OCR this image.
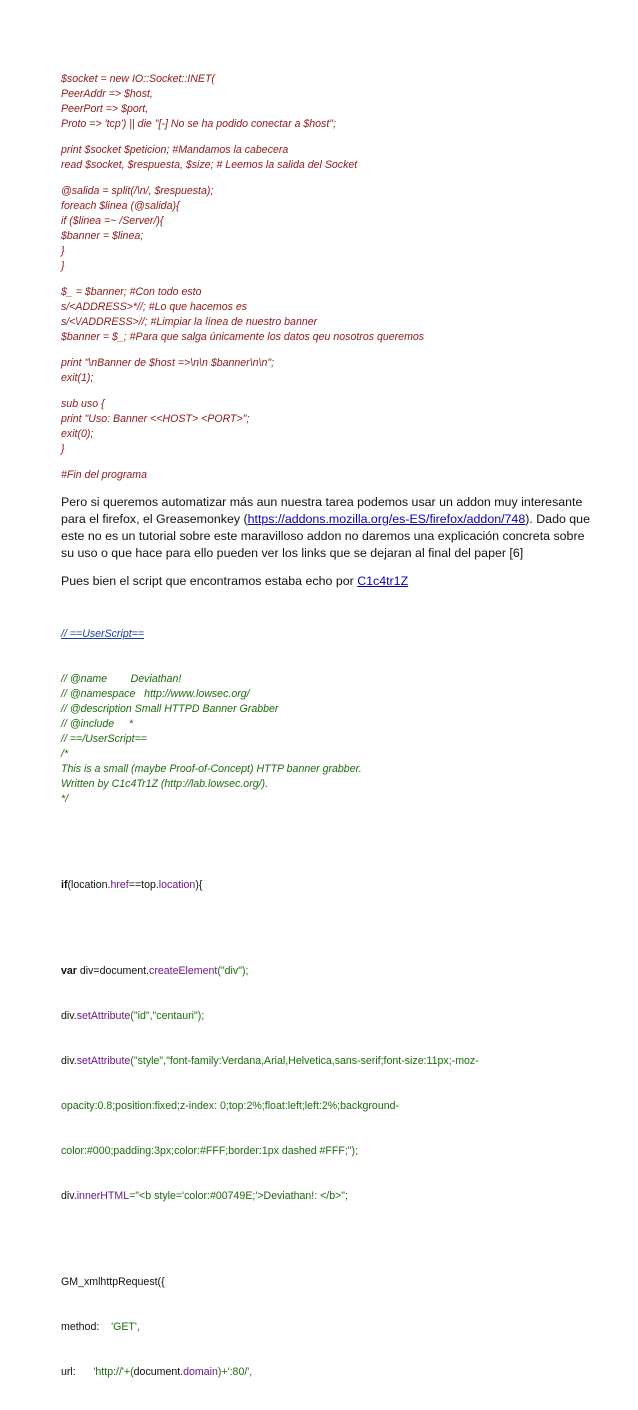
$socket = new IO::Socket::INET(
PeerAddr => $host,
PeerPort => $port,
Proto => 'tcp') || die "[-] No se ha podido conectar a $host";
print $socket $peticion; #Mandamos la cabecera
read $socket, $respuesta, $size; # Leemos la salida del Socket
@salida = split(/\n/, $respuesta);
foreach $linea (@salida){
if ($linea =~ /Server/){
$banner = $linea;
}
}
$_ = $banner; #Con todo esto
s/<ADDRESS>*//; #Lo que hacemos es
s/<\/ADDRESS>//; #Limpiar la línea de nuestro banner
$banner = $_; #Para que salga únicamente los datos qeu nosotros queremos
print "\nBanner de $host =>\n\n $banner\n\n";
exit(1);
sub uso {
print "Uso: Banner <<HOST> <PORT>";
exit(0);
}
#Fin del programa

Pero si queremos automatizar más aun nuestra tarea podemos usar un addon muy interesante para el firefox, el Greasemonkey (https://addons.mozilla.org/es-ES/firefox/addon/748). Dado que este no es un tutorial sobre este maravilloso addon no daremos una explicación concreta sobre su uso o que hace para ello pueden ver los links que se dejaran al final del paper [6]

Pues bien el script que encontramos estaba echo por C1c4tr1Z

// ==UserScript==

// @name        Deviathan!
// @namespace   http://www.lowsec.org/
// @description Small HTTPD Banner Grabber
// @include     *
// ==/UserScript==
/*
This is a small (maybe Proof-of-Concept) HTTP banner grabber.
Written by C1c4Tr1Z (http://lab.lowsec.org/).
*/

if(location.href==top.location){

var div=document.createElement("div");

div.setAttribute("id","centauri");

div.setAttribute("style","font-family:Verdana,Arial,Helvetica,sans-serif;font-size:11px;-moz-

opacity:0.8;position:fixed;z-index: 0;top:2%;float:left;left:2%;background-

color:#000;padding:3px;color:#FFF;border:1px dashed #FFF;");

div.innerHTML="<b style='color:#00749E;'>Deviathan!: </b>";

GM_xmlhttpRequest({

method: 'GET',

url: 'http://'+(document.domain)+':80/',
